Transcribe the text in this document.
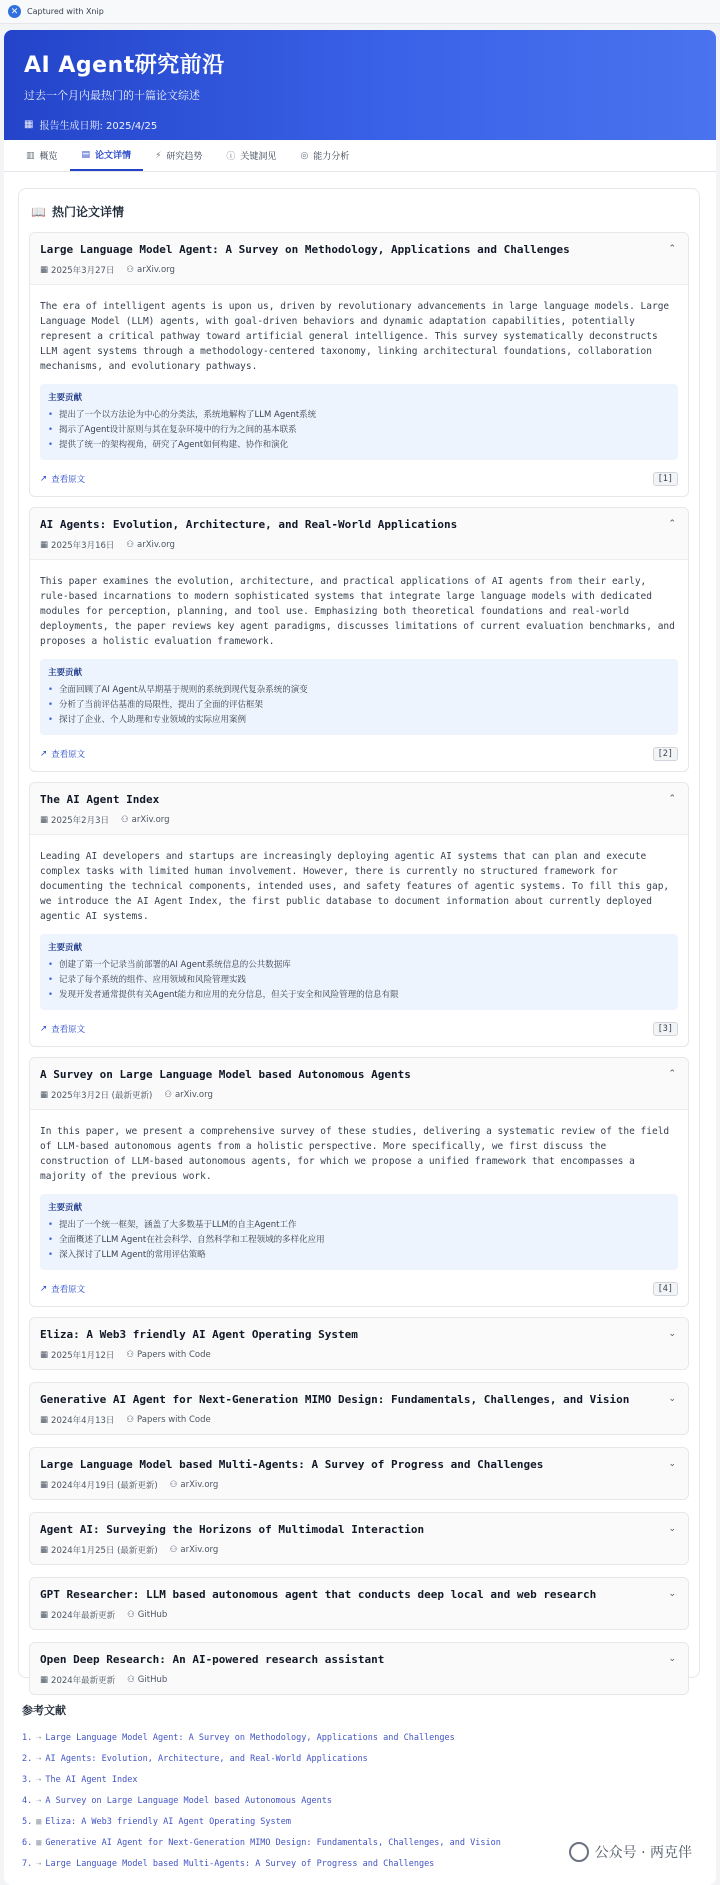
✕	Captured with Xnip
AI Agent研究前沿
过去一个月内最热门的十篇论文综述
▦ 报告生成日期: 2025/4/25
▥ 概览	▤ 论文详情	⚡ 研究趋势	ⓘ 关键洞见	◎ 能力分析
📖 热门论文详情
Large Language Model Agent: A Survey on Methodology, Applications and Challenges	⌃
▦ 2025年3月27日 ⚇ arXiv.org

The era of intelligent agents is upon us, driven by revolutionary advancements in large language models. Large Language Model (LLM) agents, with goal-driven behaviors and dynamic adaptation capabilities, potentially represent a critical pathway toward artificial general intelligence. This survey systematically deconstructs LLM agent systems through a methodology-centered taxonomy, linking architectural foundations, collaboration mechanisms, and evolutionary pathways.

主要贡献
• 提出了一个以方法论为中心的分类法，系统地解构了LLM Agent系统
• 揭示了Agent设计原则与其在复杂环境中的行为之间的基本联系
• 提供了统一的架构视角，研究了Agent如何构建、协作和演化
↗ 查看原文	[1]
AI Agents: Evolution, Architecture, and Real-World Applications	⌃
▦ 2025年3月16日 ⚇ arXiv.org

This paper examines the evolution, architecture, and practical applications of AI agents from their early, rule-based incarnations to modern sophisticated systems that integrate large language models with dedicated modules for perception, planning, and tool use. Emphasizing both theoretical foundations and real-world deployments, the paper reviews key agent paradigms, discusses limitations of current evaluation benchmarks, and proposes a holistic evaluation framework.

主要贡献
• 全面回顾了AI Agent从早期基于规则的系统到现代复杂系统的演变
• 分析了当前评估基准的局限性，提出了全面的评估框架
• 探讨了企业、个人助理和专业领域的实际应用案例
↗ 查看原文	[2]
The AI Agent Index	⌃
▦ 2025年2月3日 ⚇ arXiv.org

Leading AI developers and startups are increasingly deploying agentic AI systems that can plan and execute complex tasks with limited human involvement. However, there is currently no structured framework for documenting the technical components, intended uses, and safety features of agentic systems. To fill this gap, we introduce the AI Agent Index, the first public database to document information about currently deployed agentic AI systems.

主要贡献
• 创建了第一个记录当前部署的AI Agent系统信息的公共数据库
• 记录了每个系统的组件、应用领域和风险管理实践
• 发现开发者通常提供有关Agent能力和应用的充分信息，但关于安全和风险管理的信息有限
↗ 查看原文	[3]
A Survey on Large Language Model based Autonomous Agents	⌃
▦ 2025年3月2日 (最新更新) ⚇ arXiv.org

In this paper, we present a comprehensive survey of these studies, delivering a systematic review of the field of LLM-based autonomous agents from a holistic perspective. More specifically, we first discuss the construction of LLM-based autonomous agents, for which we propose a unified framework that encompasses a majority of the previous work.

主要贡献
• 提出了一个统一框架，涵盖了大多数基于LLM的自主Agent工作
• 全面概述了LLM Agent在社会科学、自然科学和工程领域的多样化应用
• 深入探讨了LLM Agent的常用评估策略
↗ 查看原文	[4]
Eliza: A Web3 friendly AI Agent Operating System	⌄
▦ 2025年1月12日 ⚇ Papers with Code
Generative AI Agent for Next-Generation MIMO Design: Fundamentals, Challenges, and Vision	⌄
▦ 2024年4月13日 ⚇ Papers with Code
Large Language Model based Multi-Agents: A Survey of Progress and Challenges	⌄
▦ 2024年4月19日 (最新更新) ⚇ arXiv.org
Agent AI: Surveying the Horizons of Multimodal Interaction	⌄
▦ 2024年1月25日 (最新更新) ⚇ arXiv.org
GPT Researcher: LLM based autonomous agent that conducts deep local and web research	⌄
▦ 2024年最新更新 ⚇ GitHub
Open Deep Research: An AI-powered research assistant	⌄
▦ 2024年最新更新 ⚇ GitHub
参考文献
1. ⇢ Large Language Model Agent: A Survey on Methodology, Applications and Challenges
2. ⇢ AI Agents: Evolution, Architecture, and Real-World Applications
3. ⇢ The AI Agent Index
4. ⇢ A Survey on Large Language Model based Autonomous Agents
5. ▦ Eliza: A Web3 friendly AI Agent Operating System
6. ▦ Generative AI Agent for Next-Generation MIMO Design: Fundamentals, Challenges, and Vision
7. ⇢ Large Language Model based Multi-Agents: A Survey of Progress and Challenges
公众号 · 两克伴
